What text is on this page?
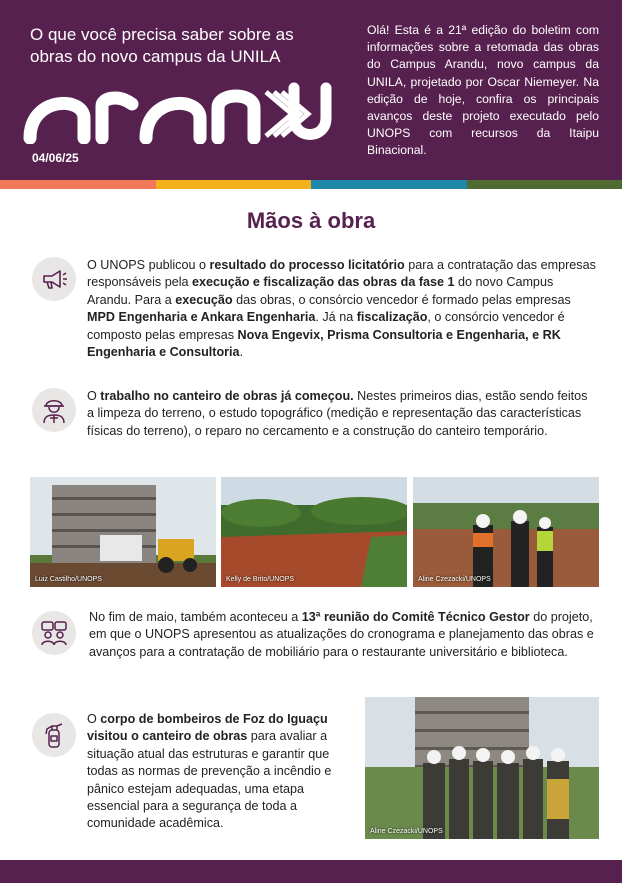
O que você precisa saber sobre as obras do novo campus da UNILA
04/06/25
Olá! Esta é a 21ª edição do boletim com informações sobre a retomada das obras do Campus Arandu, novo campus da UNILA, projetado por Oscar Niemeyer. Na edição de hoje, confira os principais avanços deste projeto executado pelo UNOPS com recursos da Itaipu Binacional.
Mãos à obra
O UNOPS publicou o resultado do processo licitatório para a contratação das empresas responsáveis pela execução e fiscalização das obras da fase 1 do novo Campus Arandu. Para a execução das obras, o consórcio vencedor é formado pelas empresas MPD Engenharia e Ankara Engenharia. Já na fiscalização, o consórcio vencedor é composto pelas empresas Nova Engevix, Prisma Consultoria e Engenharia, e RK Engenharia e Consultoria.
O trabalho no canteiro de obras já começou. Nestes primeiros dias, estão sendo feitos a limpeza do terreno, o estudo topográfico (medição e representação das características físicas do terreno), o reparo no cercamento e a construção do canteiro temporário.
Luiz Castilho/UNOPS	Kelly de Brito/UNOPS	Aline Czezacki/UNOPS
No fim de maio, também aconteceu a 13ª reunião do Comitê Técnico Gestor do projeto, em que o UNOPS apresentou as atualizações do cronograma e planejamento das obras e avanços para a contratação de mobiliário para o restaurante universitário e biblioteca.
O corpo de bombeiros de Foz do Iguaçu visitou o canteiro de obras para avaliar a situação atual das estruturas e garantir que todas as normas de prevenção a incêndio e pânico estejam adequadas, uma etapa essencial para a segurança de toda a comunidade acadêmica.
Aline Czezacki/UNOPS
